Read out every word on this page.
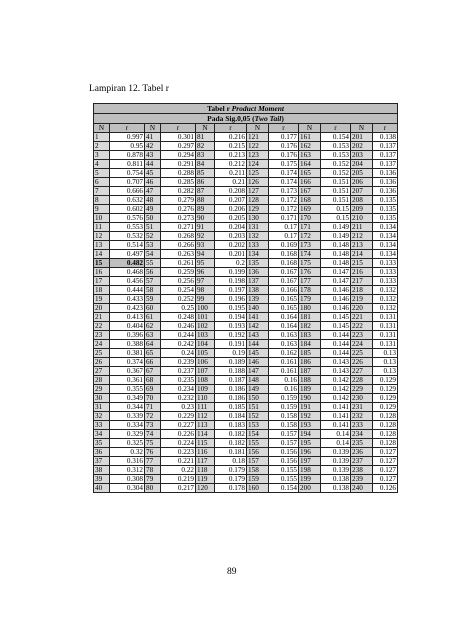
Lampiran 12. Tabel r
Tabel r Product Moment											
Pada Sig.0,05 (Two Tail)											
N	r	N	r	N	r	N	r	N	r	N	r
1	0.997	41	0.301	81	0.216	121	0.177	161	0.154	201	0.138
2	0.95	42	0.297	82	0.215	122	0.176	162	0.153	202	0.137
3	0.878	43	0.294	83	0.213	123	0.176	163	0.153	203	0.137
4	0.811	44	0.291	84	0.212	124	0.175	164	0.152	204	0.137
5	0.754	45	0.288	85	0.211	125	0.174	165	0.152	205	0.136
6	0.707	46	0.285	86	0.21	126	0.174	166	0.151	206	0.136
7	0.666	47	0.282	87	0.208	127	0.173	167	0.151	207	0.136
8	0.632	48	0.279	88	0.207	128	0.172	168	0.151	208	0.135
9	0.602	49	0.276	89	0.206	129	0.172	169	0.15	209	0.135
10	0.576	50	0.273	90	0.205	130	0.171	170	0.15	210	0.135
11	0.553	51	0.271	91	0.204	131	0.17	171	0.149	211	0.134
12	0.532	52	0.268	92	0.203	132	0.17	172	0.149	212	0.134
13	0.514	53	0.266	93	0.202	133	0.169	173	0.148	213	0.134
14	0.497	54	0.263	94	0.201	134	0.168	174	0.148	214	0.134
15	0.482	55	0.261	95	0.2	135	0.168	175	0.148	215	0.133
16	0.468	56	0.259	96	0.199	136	0.167	176	0.147	216	0.133
17	0.456	57	0.256	97	0.198	137	0.167	177	0.147	217	0.133
18	0.444	58	0.254	98	0.197	138	0.166	178	0.146	218	0.132
19	0.433	59	0.252	99	0.196	139	0.165	179	0.146	219	0.132
20	0.423	60	0.25	100	0.195	140	0.165	180	0.146	220	0.132
21	0.413	61	0.248	101	0.194	141	0.164	181	0.145	221	0.131
22	0.404	62	0.246	102	0.193	142	0.164	182	0.145	222	0.131
23	0.396	63	0.244	103	0.192	143	0.163	183	0.144	223	0.131
24	0.388	64	0.242	104	0.191	144	0.163	184	0.144	224	0.131
25	0.381	65	0.24	105	0.19	145	0.162	185	0.144	225	0.13
26	0.374	66	0.239	106	0.189	146	0.161	186	0.143	226	0.13
27	0.367	67	0.237	107	0.188	147	0.161	187	0.143	227	0.13
28	0.361	68	0.235	108	0.187	148	0.16	188	0.142	228	0.129
29	0.355	69	0.234	109	0.186	149	0.16	189	0.142	229	0.129
30	0.349	70	0.232	110	0.186	150	0.159	190	0.142	230	0.129
31	0.344	71	0.23	111	0.185	151	0.159	191	0.141	231	0.129
32	0.339	72	0.229	112	0.184	152	0.158	192	0.141	232	0.128
33	0.334	73	0.227	113	0.183	153	0.158	193	0.141	233	0.128
34	0.329	74	0.226	114	0.182	154	0.157	194	0.14	234	0.128
35	0.325	75	0.224	115	0.182	155	0.157	195	0.14	235	0.128
36	0.32	76	0.223	116	0.181	156	0.156	196	0.139	236	0.127
37	0.316	77	0.221	117	0.18	157	0.156	197	0.139	237	0.127
38	0.312	78	0.22	118	0.179	158	0.155	198	0.139	238	0.127
39	0.308	79	0.219	119	0.179	159	0.155	199	0.138	239	0.127
40	0.304	80	0.217	120	0.178	160	0.154	200	0.138	240	0.126
89
